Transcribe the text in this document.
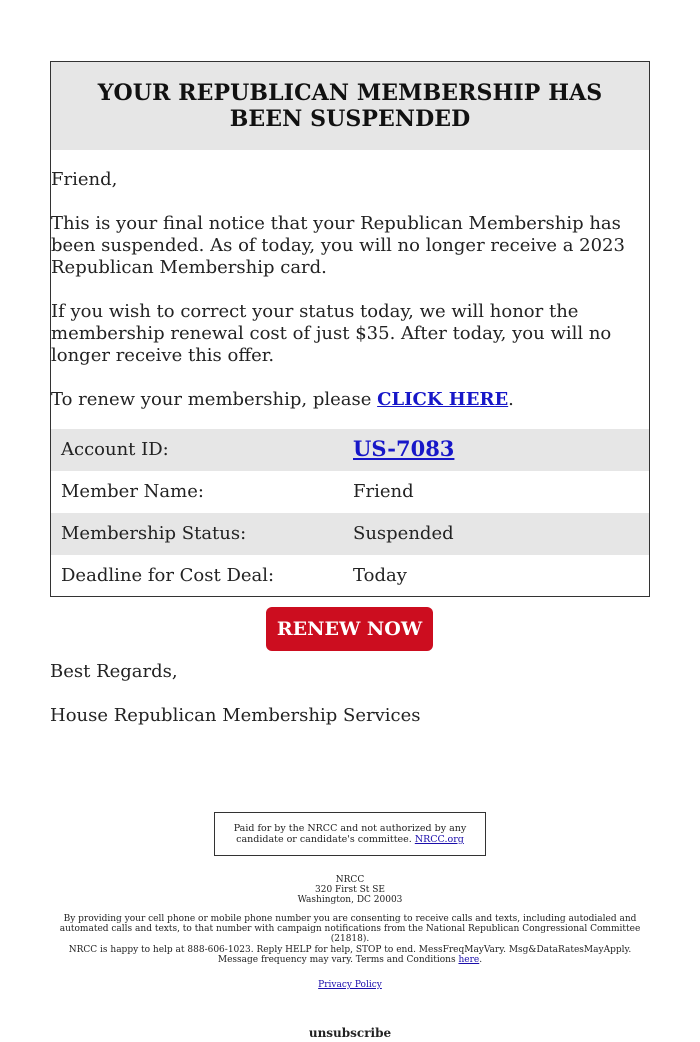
YOUR REPUBLICAN MEMBERSHIP HAS BEEN SUSPENDED

Friend,

This is your final notice that your Republican Membership has been suspended. As of today, you will no longer receive a 2023 Republican Membership card.

If you wish to correct your status today, we will honor the membership renewal cost of just $35. After today, you will no longer receive this offer.

To renew your membership, please CLICK HERE.

Account ID:	US-7083
Member Name:	Friend
Membership Status:	Suspended
Deadline for Cost Deal:	Today
RENEW NOW
Best Regards,
House Republican Membership Services
Paid for by the NRCC and not authorized by any candidate or candidate's committee. NRCC.org
NRCC
320 First St SE
Washington, DC 20003
By providing your cell phone or mobile phone number you are consenting to receive calls and texts, including autodialed and automated calls and texts, to that number with campaign notifications from the National Republican Congressional Committee (21818).
NRCC is happy to help at 888-606-1023. Reply HELP for help, STOP to end. MessFreqMayVary. Msg&DataRatesMayApply. Message frequency may vary. Terms and Conditions here.
Privacy Policy
unsubscribe
